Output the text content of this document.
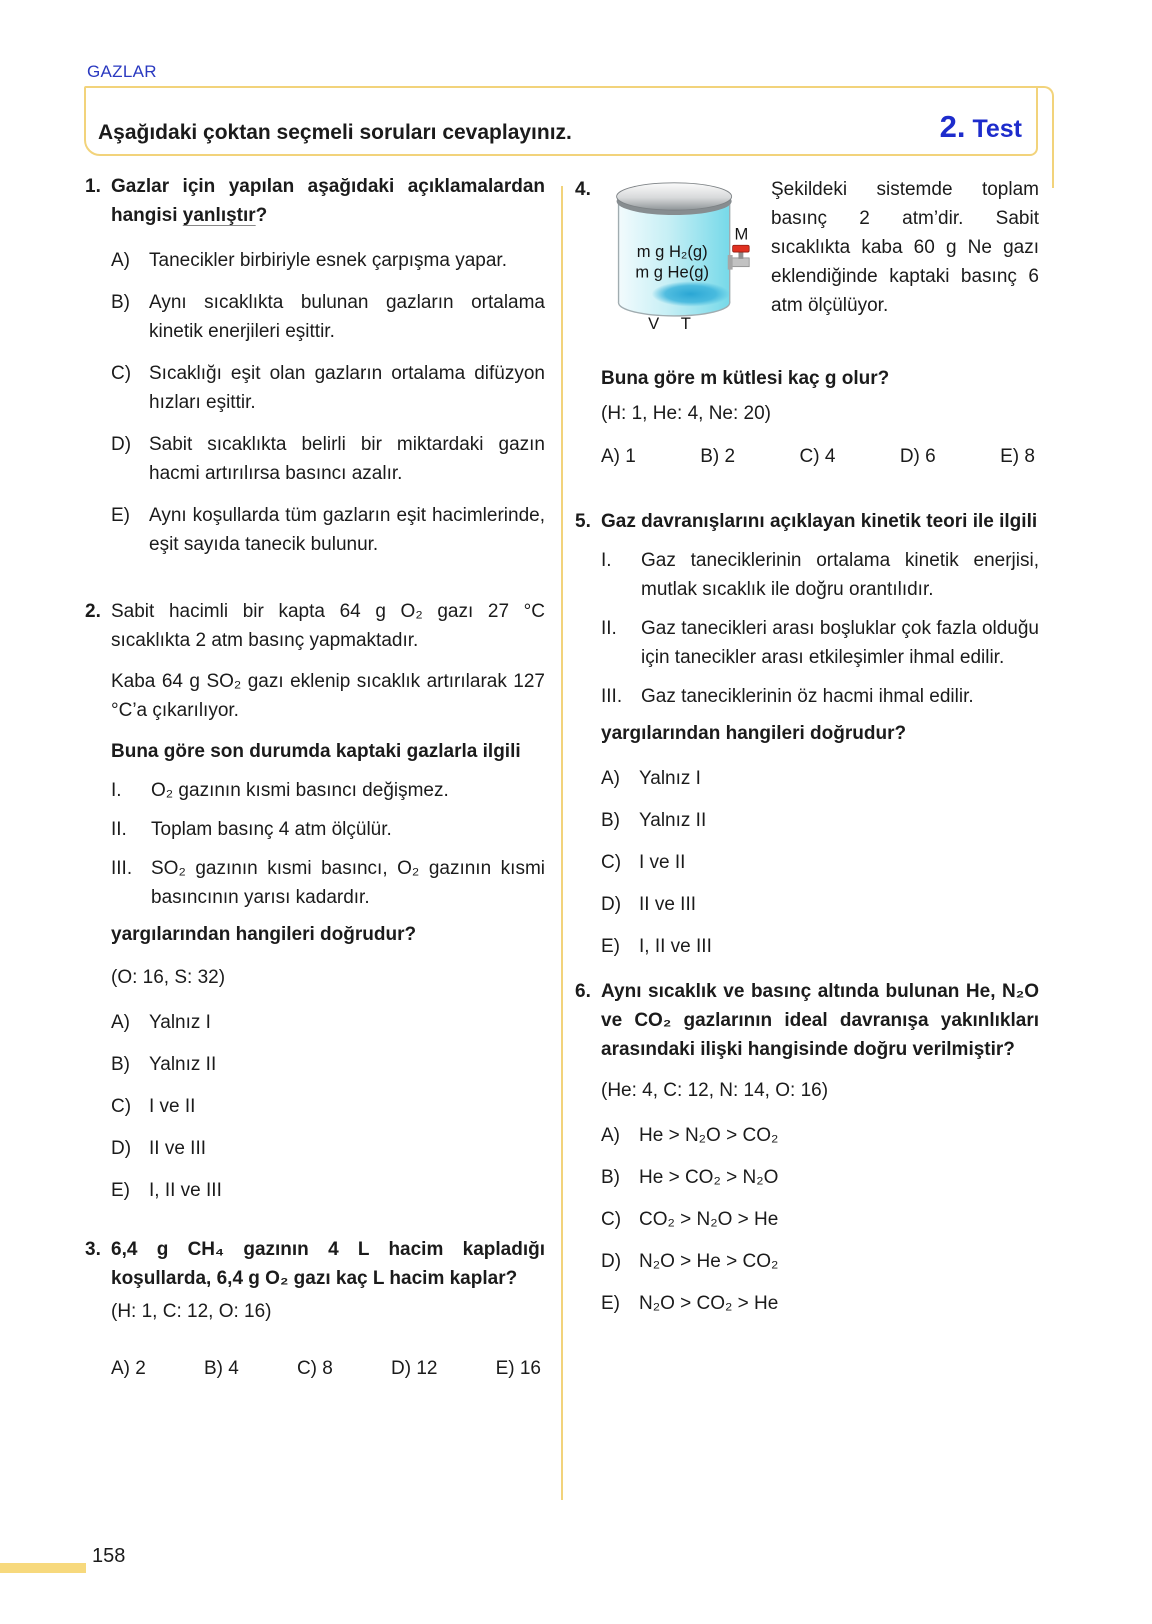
GAZLAR
Aşağıdaki çoktan seçmeli soruları cevaplayınız.	2. Test
1. Gazlar için yapılan aşağıdaki açıklamalardan hangisi yanlıştır?
A)	Tanecikler birbiriyle esnek çarpışma yapar.
B)	Aynı sıcaklıkta bulunan gazların ortalama kinetik enerjileri eşittir.
C) Sıcaklığı eşit olan gazların ortalama difüzyon hızları eşittir.
D) Sabit sıcaklıkta belirli bir miktardaki gazın hacmi artırılırsa basıncı azalır.
E)	Aynı koşullarda tüm gazların eşit hacimlerinde, eşit sayıda tanecik bulunur.
2. Sabit hacimli bir kapta 64 g O₂ gazı 27 °C sıcaklıkta 2 atm basınç yapmaktadır.
Kaba 64 g SO₂ gazı eklenip sıcaklık artırılarak 127 °C’a çıkarılıyor.
Buna göre son durumda kaptaki gazlarla ilgili
I.	O₂ gazının kısmi basıncı değişmez.
II.	Toplam basınç 4 atm ölçülür.
III. SO₂ gazının kısmi basıncı, O₂ gazının kısmi basıncının yarısı kadardır.
yargılarından hangileri doğrudur?
(O: 16, S: 32)
A)	Yalnız I
B)	Yalnız II
C) I ve II
D) II ve III
E)	I, II ve III
3. 6,4 g CH₄ gazının 4 L hacim kapladığı koşullarda, 6,4 g O₂ gazı kaç L hacim kaplar?
(H: 1, C: 12, O: 16)
A) 2	B) 4	C) 8	D) 12	E) 16
4.
m g H₂(g)
m g He(g)
M
V T
Şekildeki sistemde toplam basınç 2 atm’dir. Sabit sıcaklıkta kaba 60 g Ne gazı eklendiğinde kaptaki basınç 6 atm ölçülüyor.
Buna göre m kütlesi kaç g olur?
(H: 1, He: 4, Ne: 20)
A) 1	B) 2	C) 4	D) 6	E) 8
5. Gaz davranışlarını açıklayan kinetik teori ile ilgili
I.	Gaz taneciklerinin ortalama kinetik enerjisi, mutlak sıcaklık ile doğru orantılıdır.
II.	Gaz tanecikleri arası boşluklar çok fazla olduğu için tanecikler arası etkileşimler ihmal edilir.
III. Gaz taneciklerinin öz hacmi ihmal edilir.
yargılarından hangileri doğrudur?
A)	Yalnız I
B)	Yalnız II
C) I ve II
D) II ve III
E)	I, II ve III
6. Aynı sıcaklık ve basınç altında bulunan He, N₂O ve CO₂ gazlarının ideal davranışa yakınlıkları arasındaki ilişki hangisinde doğru verilmiştir?
(He: 4, C: 12, N: 14, O: 16)
A)	He > N₂O > CO₂
B)	He > CO₂ > N₂O
C) CO₂ > N₂O > He
D) N₂O > He > CO₂
E)	N₂O > CO₂ > He
158
